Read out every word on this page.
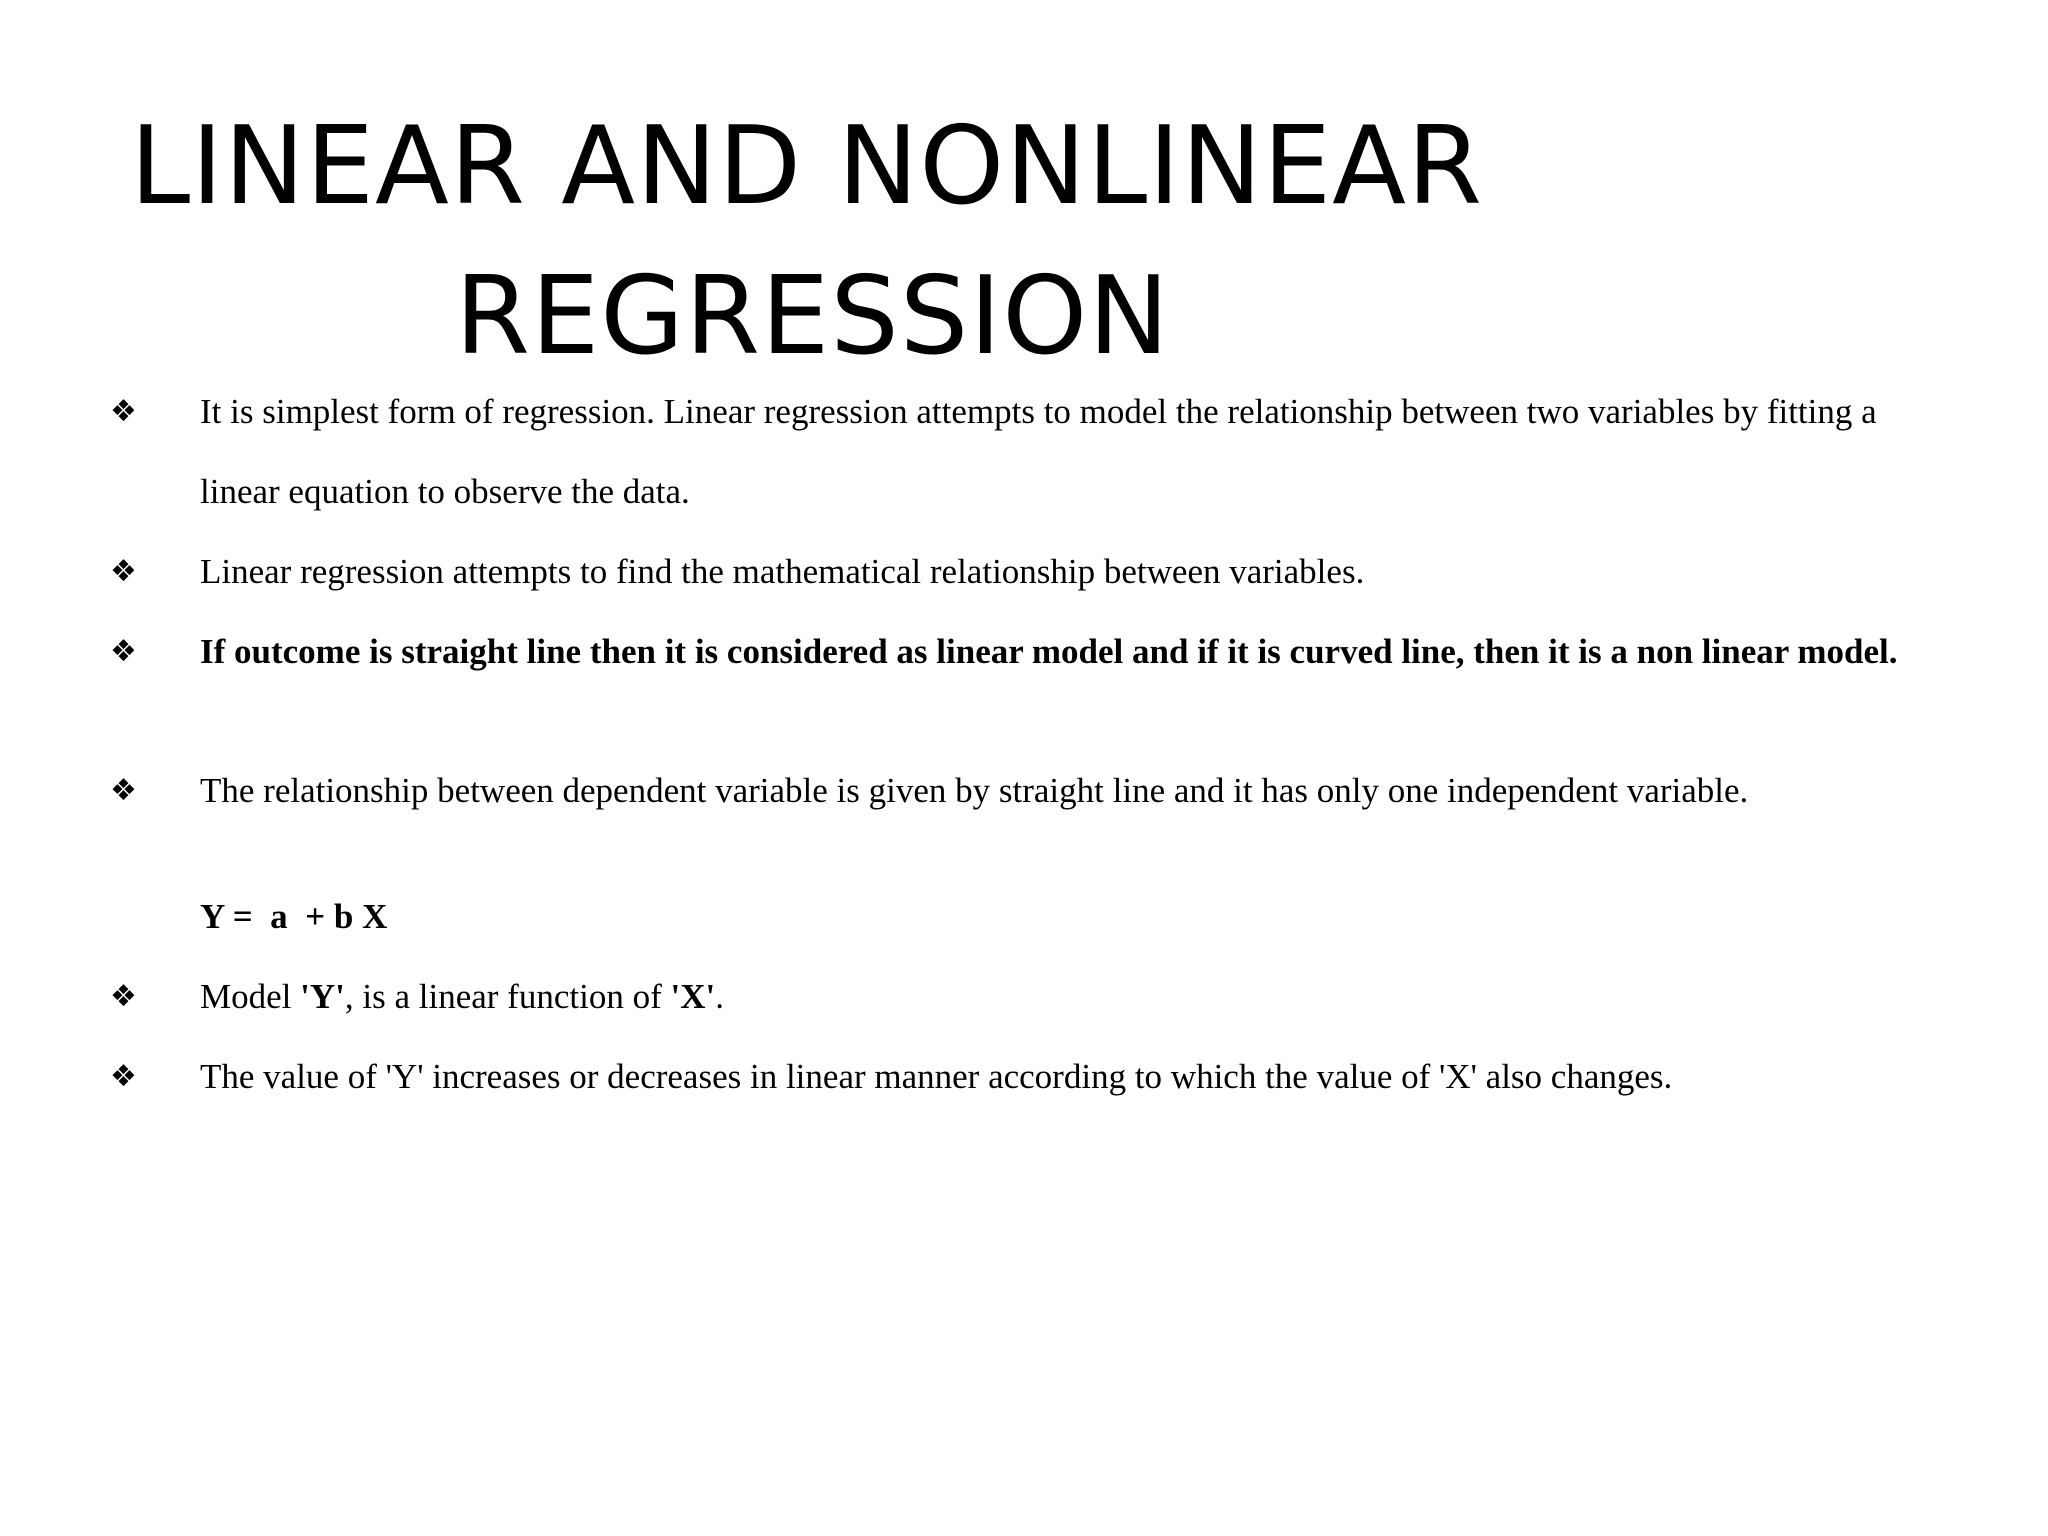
LINEAR AND NONLINEAR
REGRESSION
❖	It is simplest form of regression. Linear regression attempts to model the relationship between two variables by fitting a linear equation to observe the data.
❖	Linear regression attempts to find the mathematical relationship between variables.
❖	If outcome is straight line then it is considered as linear model and if it is curved line, then it is a non linear model.
❖	The relationship between dependent variable is given by straight line and it has only one independent variable.
Y =  a  + b X
❖	Model 'Y', is a linear function of 'X'.
❖	The value of 'Y' increases or decreases in linear manner according to which the value of 'X' also changes.
